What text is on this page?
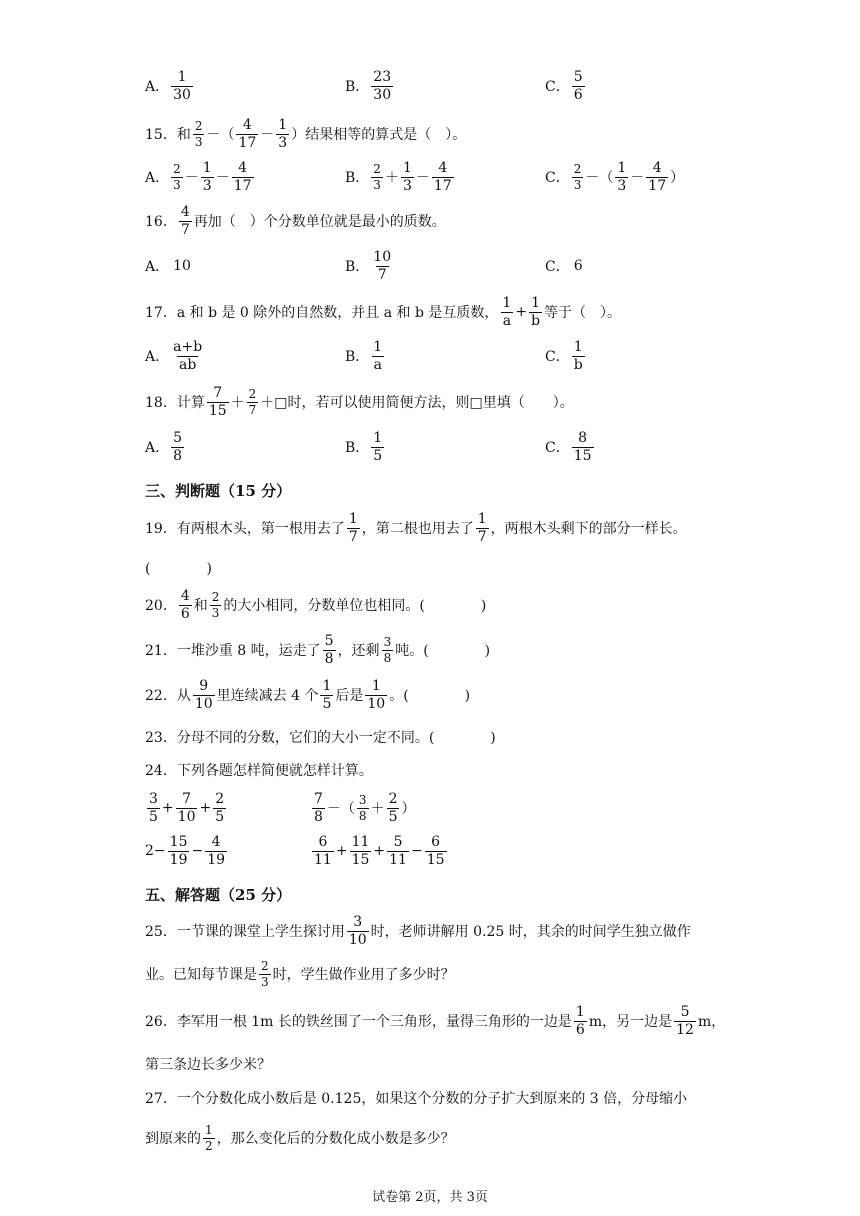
A．
1
30	B．
23
30	C．
5
6
15． 和
2
3 － （
4
17 －
1
3 ） 结果相等的算式是（　）。
A．
2
3 －
1
3 －
4
17	B．
2
3 ＋
1
3 －
4
17	C．
2
3 － （
1
3 －
4
17 ）
16．
4
7 再加（　）个分数单位就是最小的质数。
A． 10	B．
10
7	C． 6
17． a 和 b 是 0 除外的自然数，并且 a 和 b 是互质数，
1
a
+ $\frac{1}{b}$ 等于（　）。
A．
a+b
ab	B．
1
a	C．
1
b
18． 计算
7
15 ＋
2
7 ＋□时，若可以使用简便方法，则□里填（　　）。
A．
5
8	B．
1
5	C．
8
15
三、判断题（15 分）
19． 有两根木头，第一根用去了
1
7 ，第二根也用去了
1
7 ，两根木头剩下的部分一样长。
(　　　　)
20．
4
6 和
2
3 的大小相同，分数单位也相同。(　　　　)
21． 一堆沙重 8 吨，运走了
5
8 ，还剩
3
8 吨。(　　　　)
22． 从
9
10 里连续减去 4 个
1
5 后是
1
10 。(　　　　)
23． 分母不同的分数，它们的大小一定不同。(　　　　)
24． 下列各题怎样简便就怎样计算。
3
5
+ $\frac{7}{10} + \frac{2}{5}$	7
8 － （
3
8 ＋
2
5 ）
$2 - \frac{15}{19} - \frac{4}{19}$	6
11
+ $\frac{11}{15} + \frac{5}{11} - \frac{6}{15}$
五、解答题（25 分）
25． 一节课的课堂上学生探讨用
3
10 时，老师讲解用 0.25 时，其余的时间学生独立做作
业。已知每节课是
2
3 时，学生做作业用了多少时？
26． 李军用一根 1m 长的铁丝围了一个三角形，量得三角形的一边是
1
6 m，另一边是
5
12 m，
第三条边长多少米？
27． 一个分数化成小数后是 0.125，如果这个分数的分子扩大到原来的 3 倍，分母缩小
到原来的
1
2 ，那么变化后的分数化成小数是多少？
试卷第 2页，共 3页
